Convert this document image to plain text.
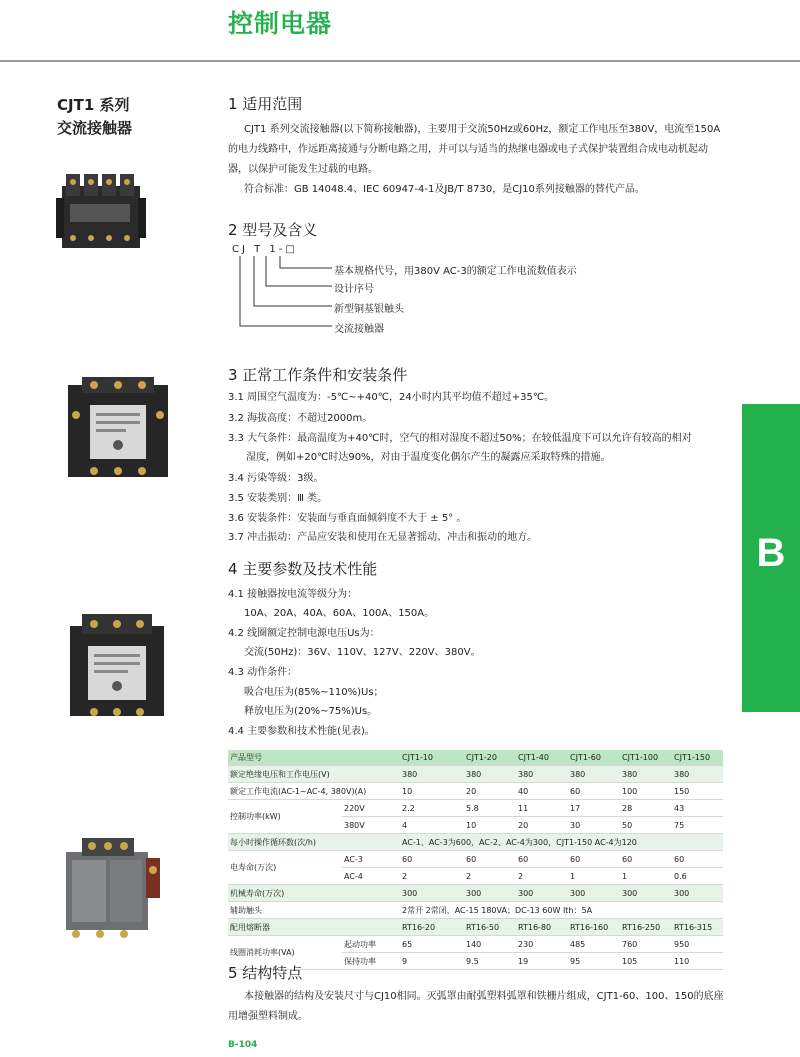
控制电器
CJT1 系列
交流接触器
1 适用范围

CJT1 系列交流接触器(以下简称接触器)，主要用于交流50Hz或60Hz，额定工作电压至380V，电流至150A的电力线路中，作远距离接通与分断电路之用，并可以与适当的热继电器或电子式保护装置组合成电动机起动器，以保护可能发生过载的电路。

符合标准：GB 14048.4、IEC 60947-4-1及JB/T 8730，是CJ10系列接触器的替代产品。

2 型号及含义
CJ T 1-□
基本规格代号，用380V AC-3的额定工作电流数值表示
设计序号
新型铜基银触头
交流接触器
3 正常工作条件和安装条件
3.1 周围空气温度为：-5℃~+40℃，24小时内其平均值不超过+35℃。
3.2 海拔高度：不超过2000m。
3.3 大气条件：最高温度为+40℃时，空气的相对湿度不超过50%；在较低温度下可以允许有较高的相对
湿度，例如+20℃时达90%，对由于温度变化偶尔产生的凝露应采取特殊的措施。
3.4 污染等级：3级。
3.5 安装类别：Ⅲ 类。
3.6 安装条件：安装面与垂直面倾斜度不大于 ± 5° 。
3.7 冲击振动：产品应安装和使用在无显著摇动、冲击和振动的地方。
4 主要参数及技术性能
4.1 接触器按电流等级分为：
10A、20A、40A、60A、100A、150A。
4.2 线圈额定控制电源电压Us为：
交流(50Hz)：36V、110V、127V、220V、380V。
4.3 动作条件：
吸合电压为(85%~110%)Us；
释放电压为(20%~75%)Us。
4.4 主要参数和技术性能(见表)。
产品型号		CJT1-10	CJT1-20	CJT1-40	CJT1-60	CJT1-100	CJT1-150
额定绝缘电压和工作电压(V)		380	380	380	380	380	380
额定工作电流(AC-1~AC-4, 380V)(A)		10	20	40	60	100	150
控制功率(kW)	220V	2.2	5.8	11	17	28	43
	380V	4	10	20	30	50	75
每小时操作循环数(次/h)		AC-1、AC-3为600，AC-2、AC-4为300，CJT1-150 AC-4为120					
电寿命(万次)	AC-3	60	60	60	60	60	60
	AC-4	2	2	2	1	1	0.6
机械寿命(万次)		300	300	300	300	300	300
辅助触头		2常开 2常闭，AC-15 180VA；DC-13 60W Ith：5A					
配用熔断器		RT16-20	RT16-50	RT16-80	RT16-160	RT16-250	RT16-315
线圈消耗功率(VA)	起动功率	65	140	230	485	760	950
	保持功率	9	9.5	19	95	105	110
5 结构特点

本接触器的结构及安装尺寸与CJ10相同。灭弧罩由耐弧塑料弧罩和铁栅片组成，CJT1-60、100、150的底座用增强塑料制成。

B
B-104
